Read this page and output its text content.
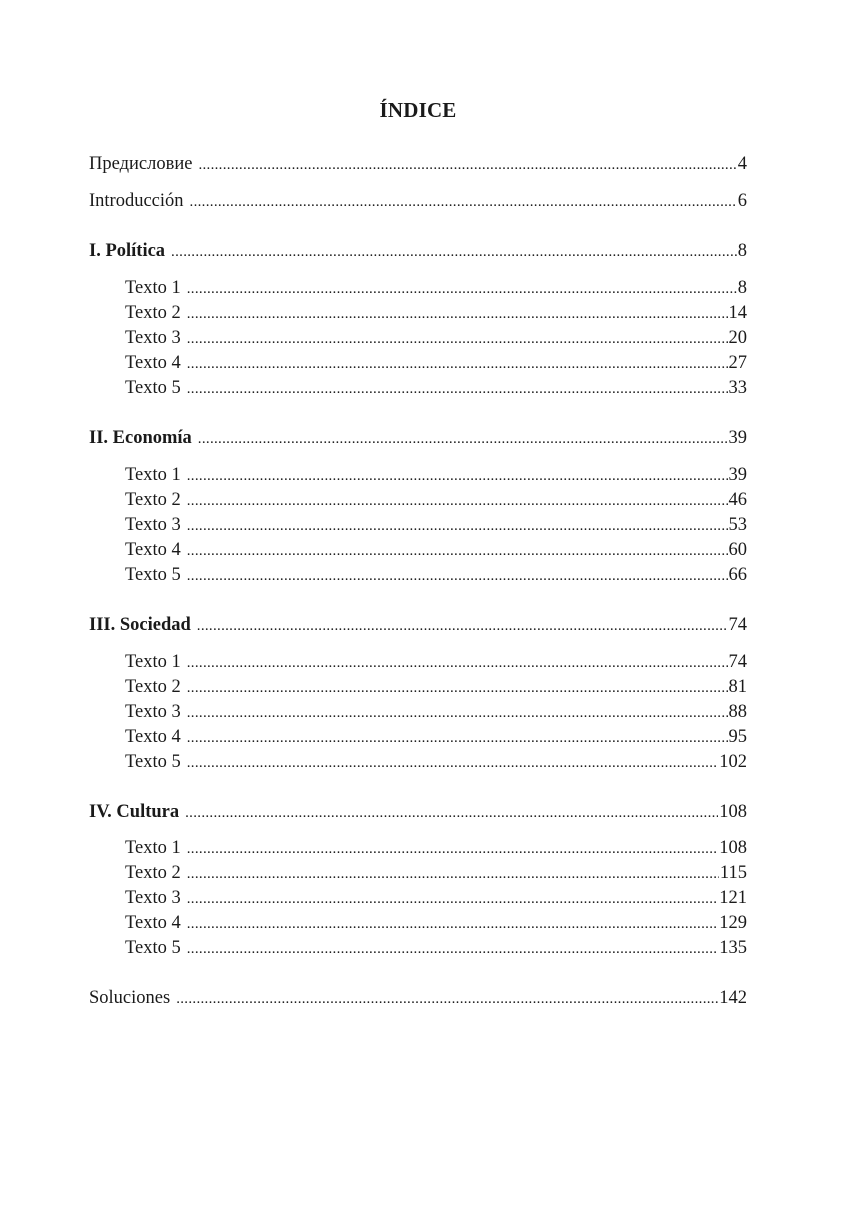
ÍNDICE
Предисловие .....	4
Introducción .....	6
I. Política .....	8
Texto 1 .....	8
Texto 2 .....	14
Texto 3 .....	20
Texto 4 .....	27
Texto 5 .....	33
II. Economía .....	39
Texto 1 .....	39
Texto 2 .....	46
Texto 3 .....	53
Texto 4 .....	60
Texto 5 .....	66
III. Sociedad .....	74
Texto 1 .....	74
Texto 2 .....	81
Texto 3 .....	88
Texto 4 .....	95
Texto 5 .....	102
IV. Cultura .....	108
Texto 1 .....	108
Texto 2 .....	115
Texto 3 .....	121
Texto 4 .....	129
Texto 5 .....	135
Soluciones .....	142
